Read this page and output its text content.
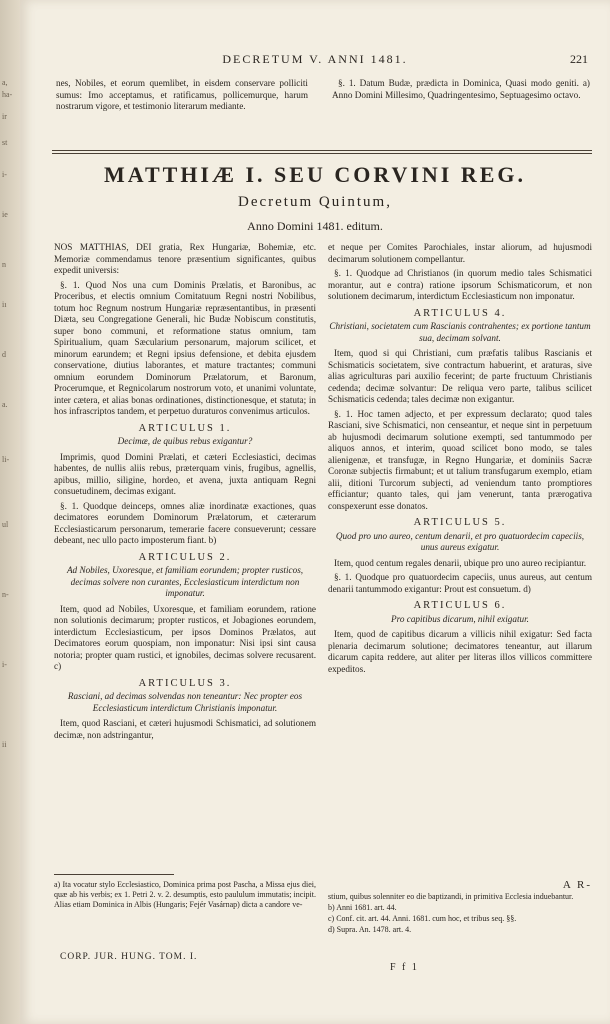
a,
ha-
ir
st
i-
ie
n
iı
d
a.
li-
ul
n-
i-
ii
DECRETUM V. ANNI 1481.	221

nes, Nobiles, et eorum quemlibet, in eisdem conservare polliciti sumus: Imo acceptamus, et ratificamus, pollicemurque, harum nostrarum vigore, et testimonio literarum mediante.

§. 1. Datum Budæ, prædicta in Dominica, Quasi modo geniti. a) Anno Domini Millesimo, Quadringentesimo, Septuagesimo octavo.

MATTHIÆ I. SEU CORVINI REG.
Decretum Quintum,
Anno Domini 1481. editum.

NOS MATTHIAS, DEI gratia, Rex Hungariæ, Bohemiæ, etc. Memoriæ commendamus tenore præsentium significantes, quibus expedit universis:

§. 1. Quod Nos una cum Dominis Prælatis, et Baronibus, ac Proceribus, et electis omnium Comitatuum Regni nostri Nobilibus, totum hoc Regnum nostrum Hungariæ repræsentantibus, in præsenti Diæta, seu Congregatione Generali, hic Budæ Nobiscum constitutis, super bono communi, et reformatione status omnium, tam Spiritualium, quam Sæcularium personarum, majorum scilicet, et minorum earundem; et Regni ipsius defensione, et debita ejusdem conservatione, diutius laborantes, et mature tractantes; communi omnium eorundem Dominorum Prælatorum, et Baronum, Procerumque, et Regnicolarum nostrorum voto, et unanimi voluntate, inter cætera, et alias bonas ordinationes, distinctionesque, et statuta; in hos infrascriptos tandem, et perpetuo duraturos convenimus articulos.

ARTICULUS 1.
Decimæ, de quibus rebus exigantur?

Imprimis, quod Domini Prælati, et cæteri Ecclesiastici, decimas habentes, de nullis aliis rebus, præterquam vinis, frugibus, agnellis, apibus, millio, siligine, hordeo, et avena, juxta antiquam Regni consuetudinem, decimas exigant.

§. 1. Quodque deinceps, omnes aliæ inordinatæ exactiones, quas decimatores eorundem Dominorum Prælatorum, et cæterarum Ecclesiasticarum personarum, temerarie facere consueverunt; cessare debeant, nec ullo pacto imposterum fiant. b)

ARTICULUS 2.
Ad Nobiles, Uxoresque, et familiam eorundem; propter rusticos, decimas solvere non curantes, Ecclesiasticum interdictum non imponatur.

Item, quod ad Nobiles, Uxoresque, et familiam eorundem, ratione non solutionis decimarum; propter rusticos, et Jobagiones eorundem, interdictum Ecclesiasticum, per ipsos Dominos Prælatos, aut Decimatores eorum quospiam, non imponatur: Nisi ipsi sint causa notoria; propter quam rustici, et ignobiles, decimas solvere recusarent. c)

ARTICULUS 3.
Rasciani, ad decimas solvendas non teneantur: Nec propter eos Ecclesiasticum interdictum Christianis imponatur.

Item, quod Rasciani, et cæteri hujusmodi Schismatici, ad solutionem decimæ, non adstringantur,

et neque per Comites Parochiales, instar aliorum, ad hujusmodi decimarum solutionem compellantur.

§. 1. Quodque ad Christianos (in quorum medio tales Schismatici morantur, aut e contra) ratione ipsorum Schismaticorum, et non solutionem decimarum, interdictum Ecclesiasticum non imponatur.

ARTICULUS 4.
Christiani, societatem cum Rascianis contrahentes; ex portione tantum sua, decimam solvant.

Item, quod si qui Christiani, cum præfatis talibus Rascianis et Schismaticis societatem, sive contractum habuerint, et araturas, sive alias agriculturas pari auxilio fecerint; de parte fructuum Christianis cedenda; decimæ solvantur: De reliqua vero parte, talibus scilicet Schismaticis cedenda; tales decimæ non exigantur.

§. 1. Hoc tamen adjecto, et per expressum declarato; quod tales Rasciani, sive Schismatici, non censeantur, et neque sint in perpetuum ab hujusmodi decimarum solutione exempti, sed tantummodo per aliquos annos, et interim, quoad scilicet bono modo, se tales alienigenæ, et transfugæ, in Regno Hungariæ, et dominiis Sacræ Coronæ subjectis firmabunt; et ut talium transfugarum exemplo, etiam alii, ditioni Turcorum subjecti, ad veniendum tanto promptiores efficiantur; quanto tales, qui jam venerunt, tanta prærogativa conspexerunt esse donatos.

ARTICULUS 5.
Quod pro uno aureo, centum denarii, et pro quatuordecim capeciis, unus aureus exigatur.

Item, quod centum regales denarii, ubique pro uno aureo recipiantur.

§. 1. Quodque pro quatuordecim capeciis, unus aureus, aut centum denarii tantummodo exigantur: Prout est consuetum. d)

ARTICULUS 6.
Pro capitibus dicarum, nihil exigatur.

Item, quod de capitibus dicarum a villicis nihil exigatur: Sed facta plenaria decimarum solutione; decimatores teneantur, aut illarum dicarum capita reddere, aut aliter per literas illos villicos committere expeditos.

a) Ita vocatur stylo Ecclesiastico, Dominica prima post Pascha, a Missa ejus diei, quæ ab his verbis; ex 1. Petri 2. v. 2. desumptis, esto paululum immutatis; incipit. Alias etiam Dominica in Albis (Hungaris; Fejér Vasárnap) dicta a candore ve-

A R-

stium, quibus solenniter eo die baptizandi, in primitiva Ecclesia induebantur.

b) Anni 1681. art. 44.

c) Conf. cit. art. 44. Anni. 1681. cum hoc, et tribus seq. §§.

d) Supra. An. 1478. art. 4.

CORP. JUR. HUNG. TOM. I.
F f 1
